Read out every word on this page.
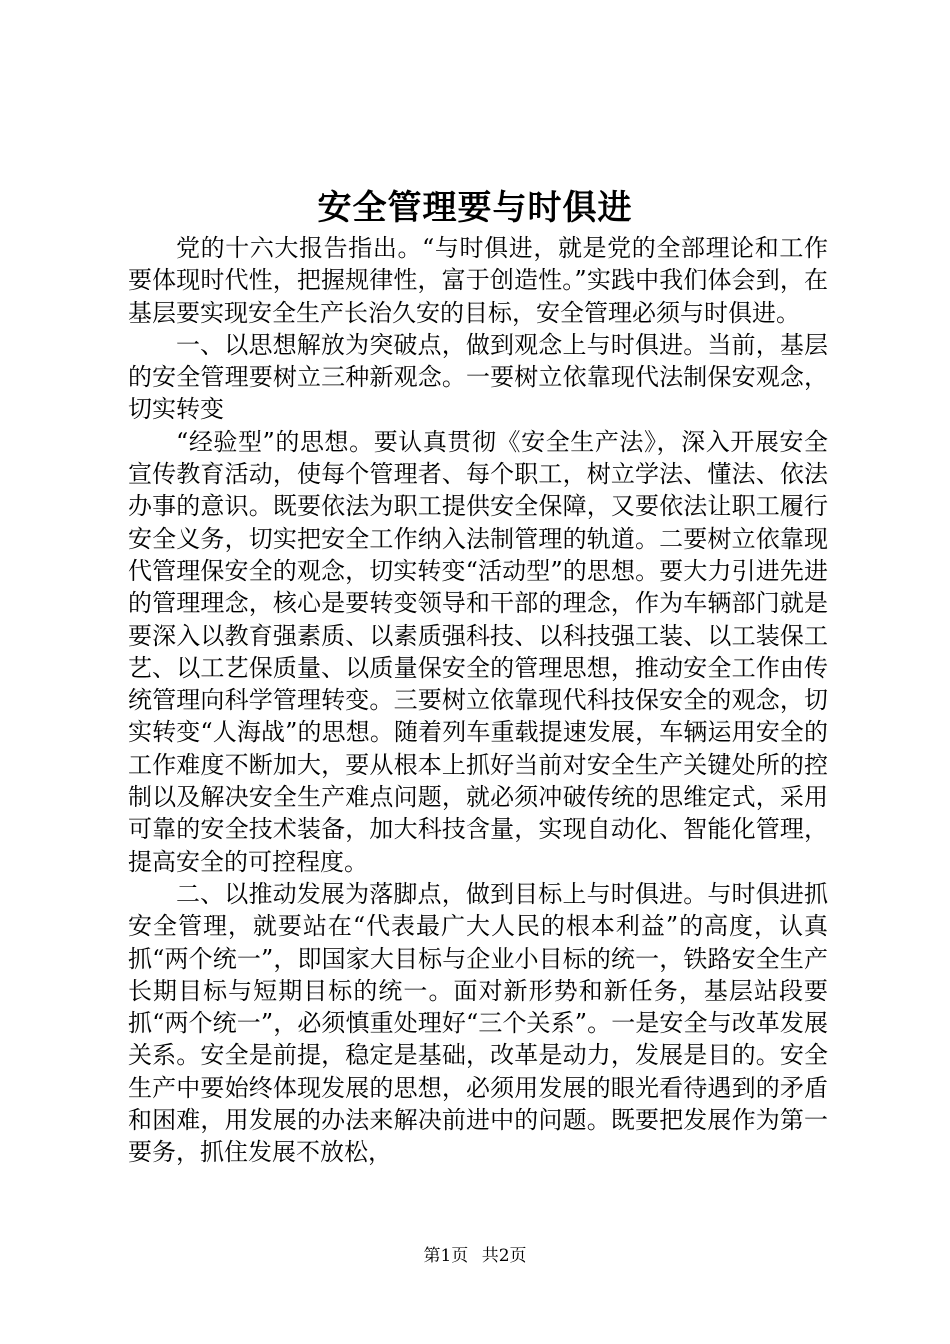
安全管理要与时俱进

党的十六大报告指出。“与时俱进，就是党的全部理论和工作要体现时代性，把握规律性，富于创造性。”实践中我们体会到，在基层要实现安全生产长治久安的目标，安全管理必须与时俱进。

一、以思想解放为突破点，做到观念上与时俱进。当前，基层的安全管理要树立三种新观念。一要树立依靠现代法制保安观念，切实转变

“经验型”的思想。要认真贯彻《安全生产法》，深入开展安全宣传教育活动，使每个管理者、每个职工，树立学法、懂法、依法办事的意识。既要依法为职工提供安全保障，又要依法让职工履行安全义务，切实把安全工作纳入法制管理的轨道。二要树立依靠现代管理保安全的观念，切实转变“活动型”的思想。要大力引进先进的管理理念，核心是要转变领导和干部的理念，作为车辆部门就是要深入以教育强素质、以素质强科技、以科技强工装、以工装保工艺、以工艺保质量、以质量保安全的管理思想，推动安全工作由传统管理向科学管理转变。三要树立依靠现代科技保安全的观念，切实转变“人海战”的思想。随着列车重载提速发展，车辆运用安全的工作难度不断加大，要从根本上抓好当前对安全生产关键处所的控制以及解决安全生产难点问题，就必须冲破传统的思维定式，采用可靠的安全技术装备，加大科技含量，实现自动化、智能化管理，提高安全的可控程度。

二、以推动发展为落脚点，做到目标上与时俱进。与时俱进抓安全管理，就要站在“代表最广大人民的根本利益”的高度，认真抓“两个统一”，即国家大目标与企业小目标的统一，铁路安全生产长期目标与短期目标的统一。面对新形势和新任务，基层站段要抓“两个统一”，必须慎重处理好“三个关系”。一是安全与改革发展关系。安全是前提，稳定是基础，改革是动力，发展是目的。安全生产中要始终体现发展的思想，必须用发展的眼光看待遇到的矛盾和困难，用发展的办法来解决前进中的问题。既要把发展作为第一要务，抓住发展不放松，

第1页 共2页
